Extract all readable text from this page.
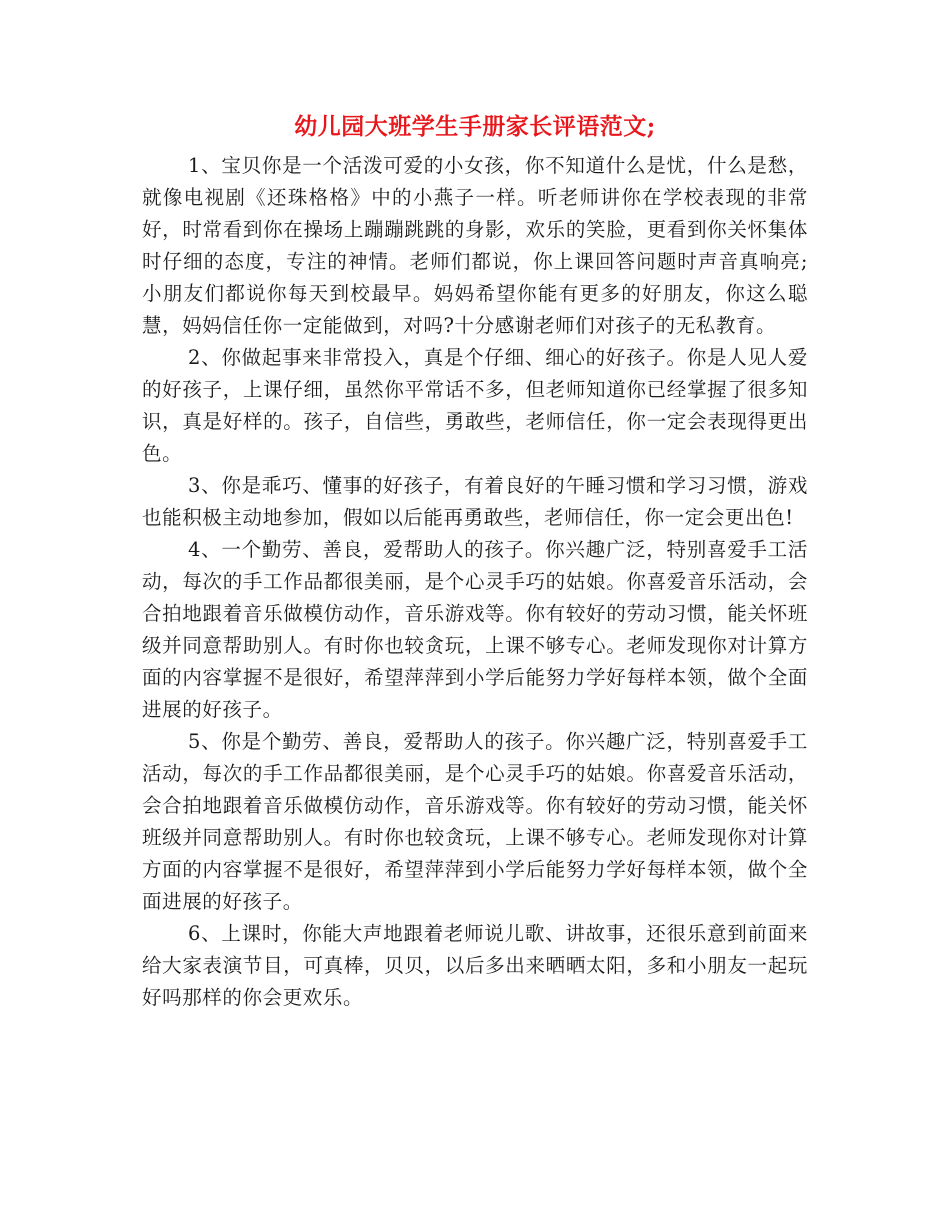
幼儿园大班学生手册家长评语范文;

1、宝贝你是一个活泼可爱的小女孩，你不知道什么是忧，什么是愁，就像电视剧《还珠格格》中的小燕子一样。听老师讲你在学校表现的非常好，时常看到你在操场上蹦蹦跳跳的身影，欢乐的笑脸，更看到你关怀集体时仔细的态度，专注的神情。老师们都说，你上课回答问题时声音真响亮;小朋友们都说你每天到校最早。妈妈希望你能有更多的好朋友，你这么聪慧，妈妈信任你一定能做到，对吗?十分感谢老师们对孩子的无私教育。

2、你做起事来非常投入，真是个仔细、细心的好孩子。你是人见人爱的好孩子，上课仔细，虽然你平常话不多，但老师知道你已经掌握了很多知识，真是好样的。孩子，自信些，勇敢些，老师信任，你一定会表现得更出色。

3、你是乖巧、懂事的好孩子，有着良好的午睡习惯和学习习惯，游戏也能积极主动地参加，假如以后能再勇敢些，老师信任，你一定会更出色!

4、一个勤劳、善良，爱帮助人的孩子。你兴趣广泛，特别喜爱手工活动，每次的手工作品都很美丽，是个心灵手巧的姑娘。你喜爱音乐活动，会合拍地跟着音乐做模仿动作，音乐游戏等。你有较好的劳动习惯，能关怀班级并同意帮助别人。有时你也较贪玩，上课不够专心。老师发现你对计算方面的内容掌握不是很好，希望萍萍到小学后能努力学好每样本领，做个全面进展的好孩子。

5、你是个勤劳、善良，爱帮助人的孩子。你兴趣广泛，特别喜爱手工活动，每次的手工作品都很美丽，是个心灵手巧的姑娘。你喜爱音乐活动，会合拍地跟着音乐做模仿动作，音乐游戏等。你有较好的劳动习惯，能关怀班级并同意帮助别人。有时你也较贪玩，上课不够专心。老师发现你对计算方面的内容掌握不是很好，希望萍萍到小学后能努力学好每样本领，做个全面进展的好孩子。

6、上课时，你能大声地跟着老师说儿歌、讲故事，还很乐意到前面来给大家表演节目，可真棒，贝贝，以后多出来晒晒太阳，多和小朋友一起玩好吗那样的你会更欢乐。
